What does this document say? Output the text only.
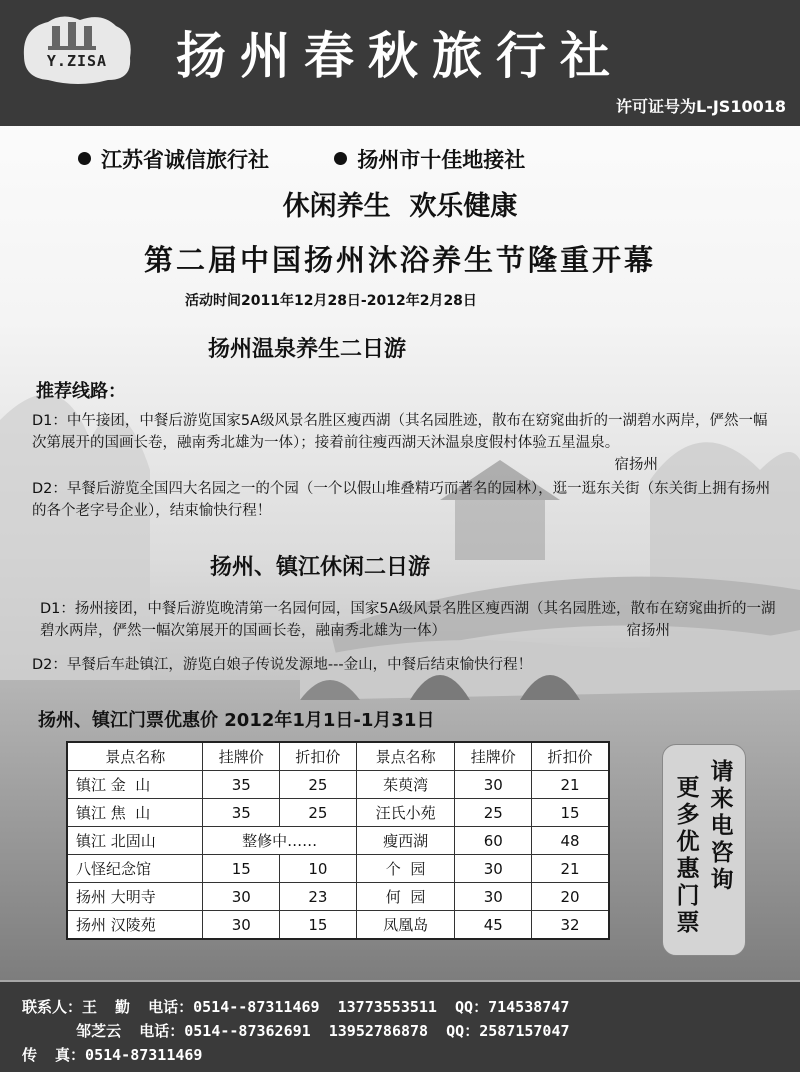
Y.ZISA	扬州春秋旅行社
许可证号为L-JS10018
江苏省诚信旅行社	扬州市十佳地接社
休闲养生  欢乐健康
第二届中国扬州沐浴养生节隆重开幕
活动时间2011年12月28日-2012年2月28日
扬州温泉养生二日游
推荐线路：
D1：中午接团，中餐后游览国家5A级风景名胜区瘦西湖（其名园胜迹，散布在窈窕曲折的一湖碧水两岸，俨然一幅次第展开的国画长卷，融南秀北雄为一体）；接着前往瘦西湖天沐温泉度假村体验五星温泉。
宿扬州
D2：早餐后游览全国四大名园之一的个园（一个以假山堆叠精巧而著名的园林），逛一逛东关街（东关街上拥有扬州的各个老字号企业），结束愉快行程！
扬州、镇江休闲二日游
D1：扬州接团，中餐后游览晚清第一名园何园，国家5A级风景名胜区瘦西湖（其名园胜迹，散布在窈窕曲折的一湖碧水两岸，俨然一幅次第展开的国画长卷，融南秀北雄为一体）	宿扬州
D2：早餐后车赴镇江，游览白娘子传说发源地---金山，中餐后结束愉快行程！
扬州、镇江门票优惠价 2012年1月1日-1月31日
景点名称	挂牌价	折扣价	景点名称	挂牌价	折扣价
镇江 金  山	35	25	茱萸湾	30	21
镇江 焦  山	35	25	汪氏小苑	25	15
镇江 北固山	整修中……		瘦西湖	60	48
八怪纪念馆	15	10	个  园	30	21
扬州 大明寺	30	23	何  园	30	20
扬州 汉陵苑	30	15	凤凰岛	45	32
请来电咨询
更多优惠门票
联系人：王  勤  电话：0514--87311469  13773553511  QQ：714538747
邹芝云  电话：0514--87362691  13952786878  QQ：2587157047
传  真：0514-87311469
